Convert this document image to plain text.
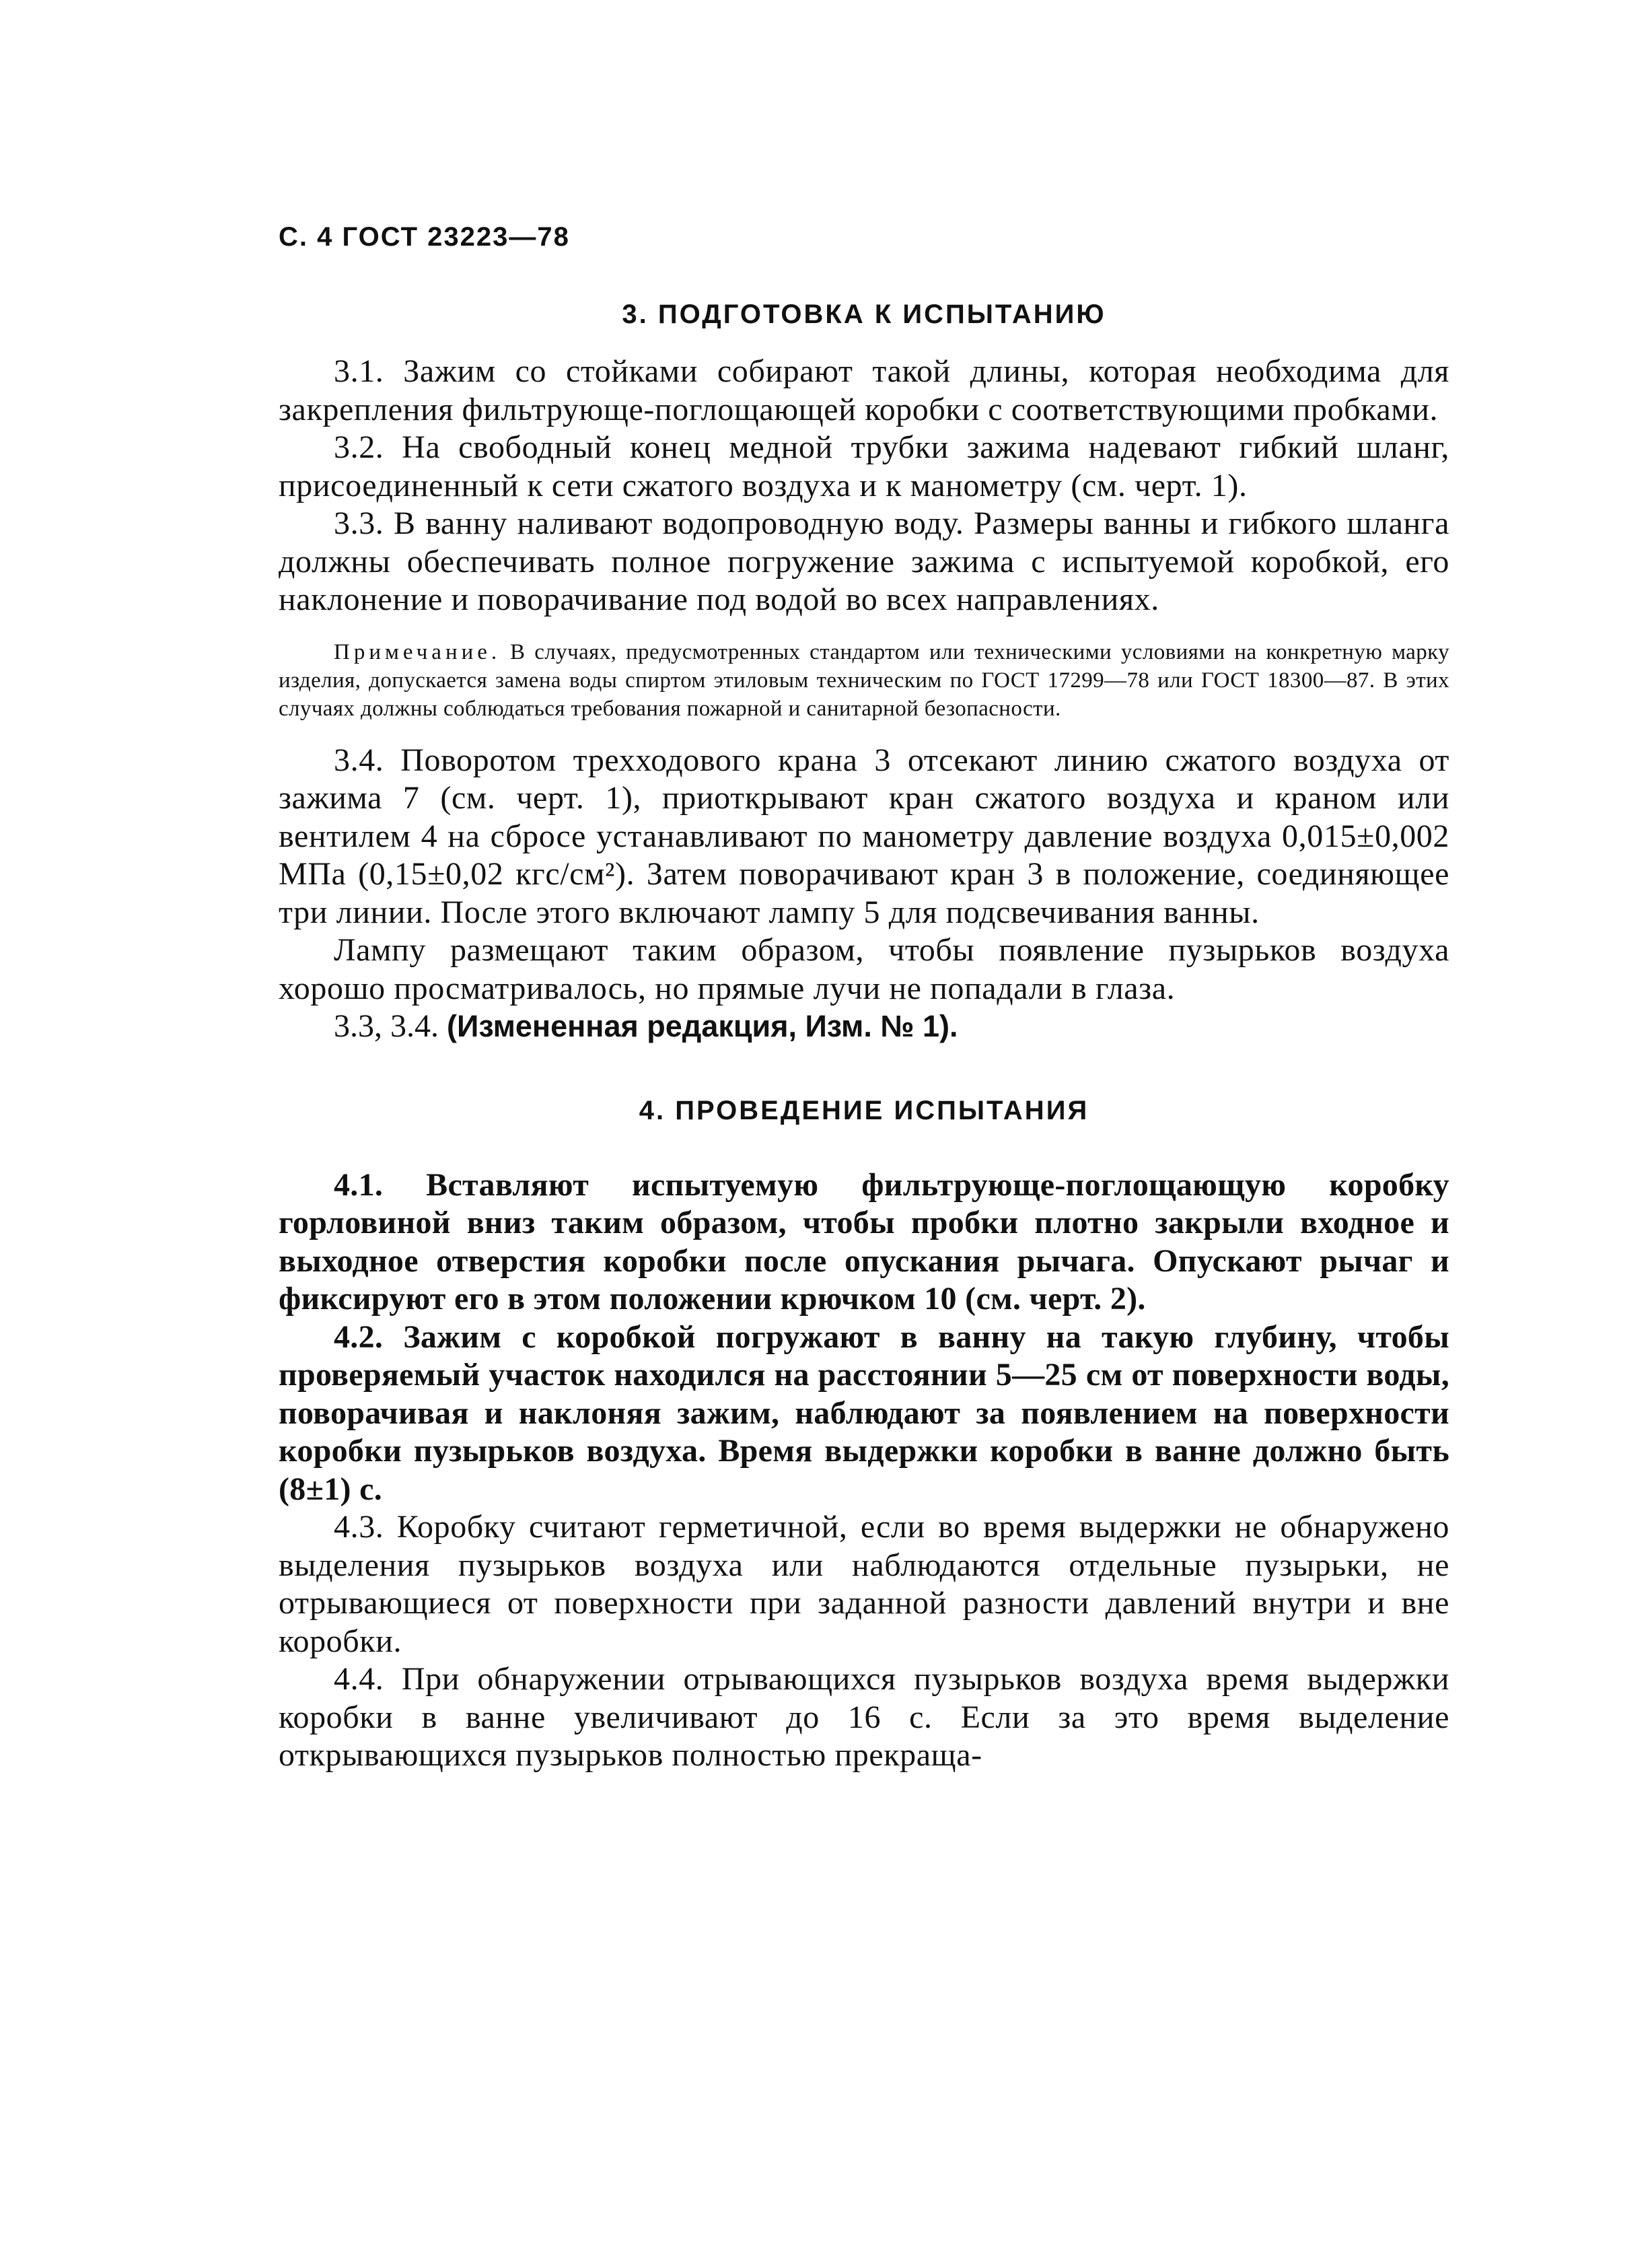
С. 4 ГОСТ 23223—78
3. ПОДГОТОВКА К ИСПЫТАНИЮ

3.1. Зажим со стойками собирают такой длины, которая необходима для закрепления фильтрующе-поглощающей коробки с соответствующими пробками.

3.2. На свободный конец медной трубки зажима надевают гибкий шланг, присоединенный к сети сжатого воздуха и к манометру (см. черт. 1).

3.3. В ванну наливают водопроводную воду. Размеры ванны и гибкого шланга должны обеспечивать полное погружение зажима с испытуемой коробкой, его наклонение и поворачивание под водой во всех направлениях.

Примечание. В случаях, предусмотренных стандартом или техническими условиями на конкретную марку изделия, допускается замена воды спиртом этиловым техническим по ГОСТ 17299—78 или ГОСТ 18300—87. В этих случаях должны соблюдаться требования пожарной и санитарной безопасности.

3.4. Поворотом трехходового крана 3 отсекают линию сжатого воздуха от зажима 7 (см. черт. 1), приоткрывают кран сжатого воздуха и краном или вентилем 4 на сбросе устанавливают по манометру давление воздуха 0,015±0,002 МПа (0,15±0,02 кгс/см²). Затем поворачивают кран 3 в положение, соединяющее три линии. После этого включают лампу 5 для подсвечивания ванны.

Лампу размещают таким образом, чтобы появление пузырьков воздуха хорошо просматривалось, но прямые лучи не попадали в глаза.

3.3, 3.4. (Измененная редакция, Изм. № 1).

4. ПРОВЕДЕНИЕ ИСПЫТАНИЯ

4.1. Вставляют испытуемую фильтрующе-поглощающую коробку горловиной вниз таким образом, чтобы пробки плотно закрыли входное и выходное отверстия коробки после опускания рычага. Опускают рычаг и фиксируют его в этом положении крючком 10 (см. черт. 2).

4.2. Зажим с коробкой погружают в ванну на такую глубину, чтобы проверяемый участок находился на расстоянии 5—25 см от поверхности воды, поворачивая и наклоняя зажим, наблюдают за появлением на поверхности коробки пузырьков воздуха. Время выдержки коробки в ванне должно быть (8±1) с.

4.3. Коробку считают герметичной, если во время выдержки не обнаружено выделения пузырьков воздуха или наблюдаются отдельные пузырьки, не отрывающиеся от поверхности при заданной разности давлений внутри и вне коробки.

4.4. При обнаружении отрывающихся пузырьков воздуха время выдержки коробки в ванне увеличивают до 16 с. Если за это время выделение открывающихся пузырьков полностью прекраща-
